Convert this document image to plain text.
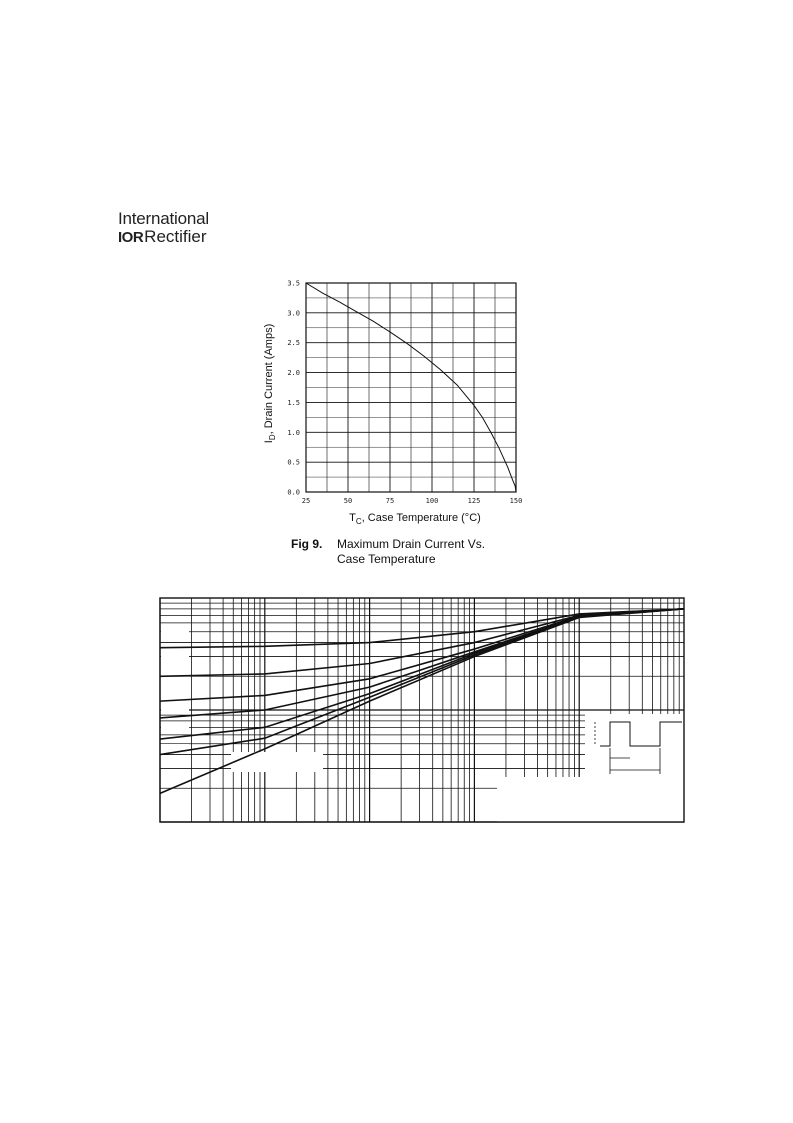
International
IORRectifier
25	50	75	100	125	150
0.0
0.5
1.0
1.5
2.0
2.5
3.0
3.5
$T_C$, Case Temperature (°C)
$I_D$, Drain Current (Amps)
Fig 9. Maximum Drain Current Vs.
Case Temperature
